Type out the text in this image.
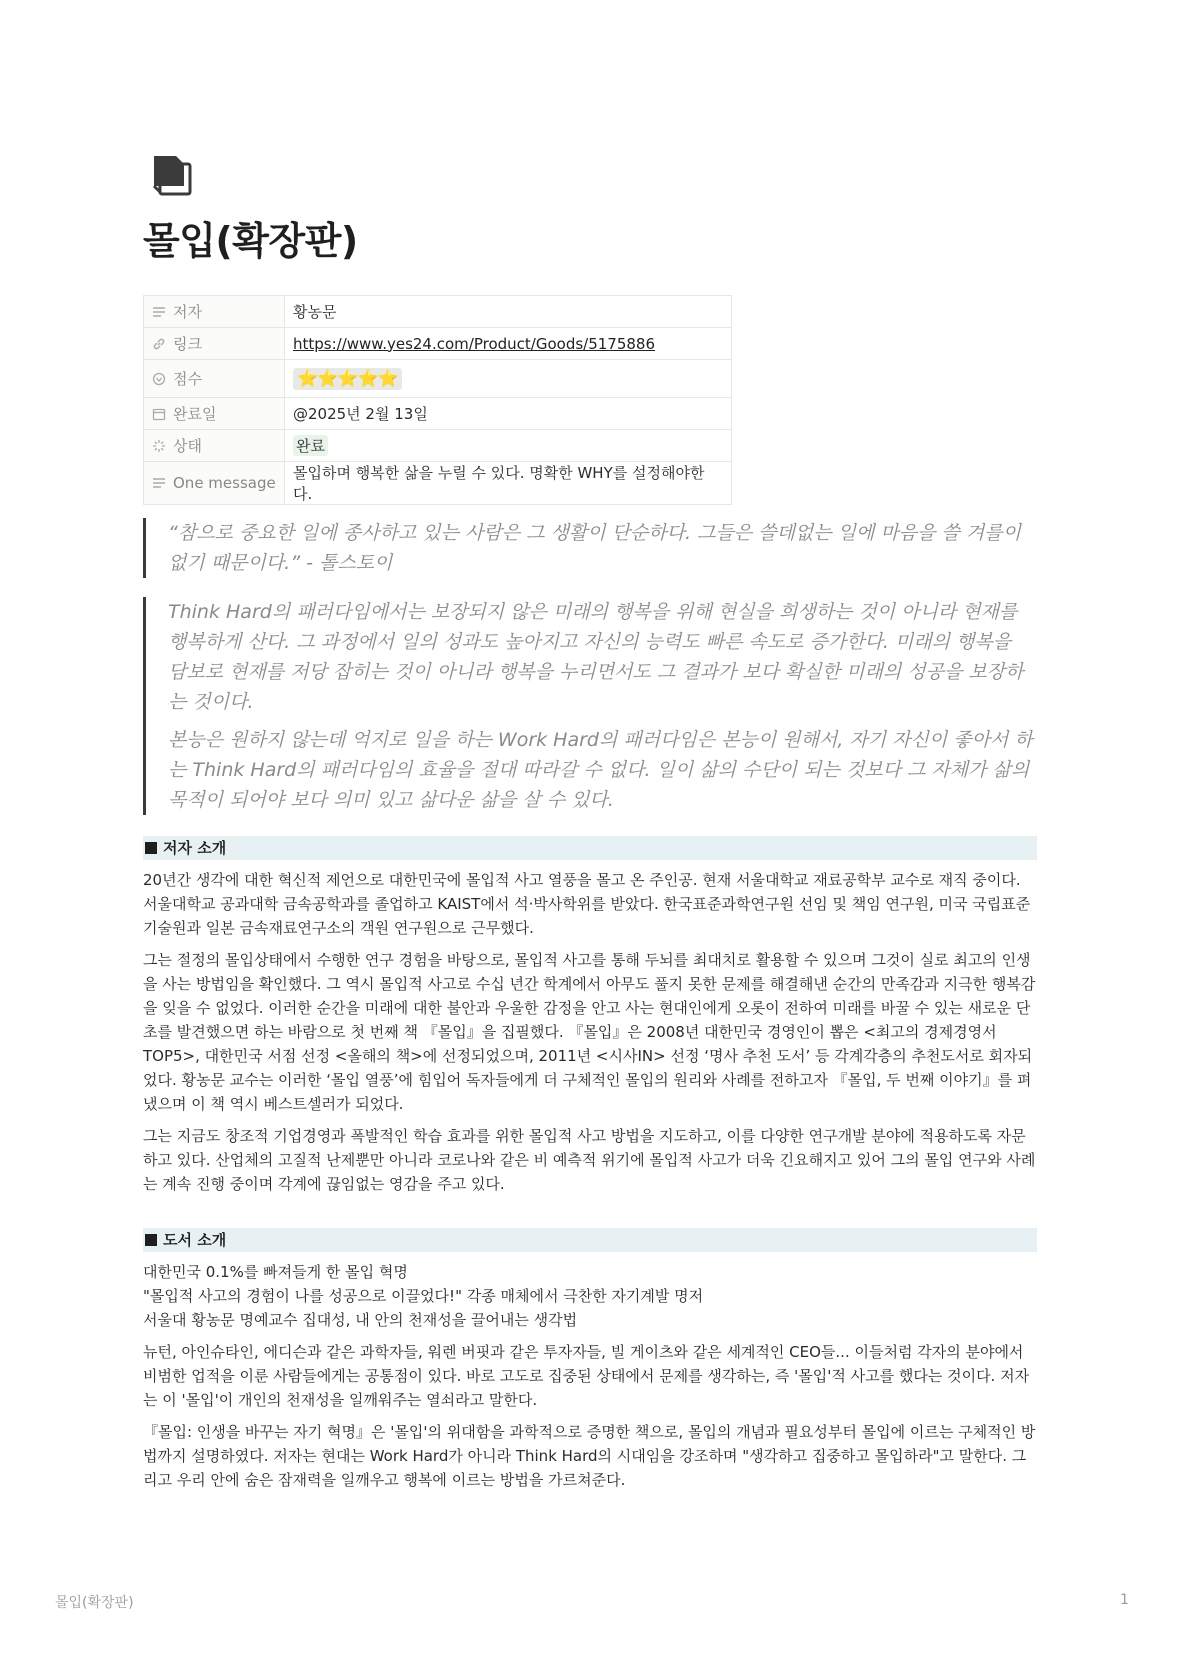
몰입(확장판)
저자	황농문
링크	https://www.yes24.com/Product/Goods/5175886
점수	⭐⭐⭐⭐⭐
완료일	@2025년 2월 13일
상태	완료
One message	몰입하며 행복한 삶을 누릴 수 있다. 명확한 WHY를 설정해야한다.

“참으로 중요한 일에 종사하고 있는 사람은 그 생활이 단순하다. 그들은 쓸데없는 일에 마음을 쓸 겨를이 없기 때문이다.” - 톨스토이

Think Hard의 패러다임에서는 보장되지 않은 미래의 행복을 위해 현실을 희생하는 것이 아니라 현재를 행복하게 산다. 그 과정에서 일의 성과도 높아지고 자신의 능력도 빠른 속도로 증가한다. 미래의 행복을 담보로 현재를 저당 잡히는 것이 아니라 행복을 누리면서도 그 결과가 보다 확실한 미래의 성공을 보장하는 것이다.

본능은 원하지 않는데 억지로 일을 하는 Work Hard의 패러다임은 본능이 원해서, 자기 자신이 좋아서 하는 Think Hard의 패러다임의 효율을 절대 따라갈 수 없다. 일이 삶의 수단이 되는 것보다 그 자체가 삶의 목적이 되어야 보다 의미 있고 삶다운 삶을 살 수 있다.

저자 소개

20년간 생각에 대한 혁신적 제언으로 대한민국에 몰입적 사고 열풍을 몰고 온 주인공. 현재 서울대학교 재료공학부 교수로 재직 중이다. 서울대학교 공과대학 금속공학과를 졸업하고 KAIST에서 석·박사학위를 받았다. 한국표준과학연구원 선임 및 책임 연구원, 미국 국립표준기술원과 일본 금속재료연구소의 객원 연구원으로 근무했다.

그는 절정의 몰입상태에서 수행한 연구 경험을 바탕으로, 몰입적 사고를 통해 두뇌를 최대치로 활용할 수 있으며 그것이 실로 최고의 인생을 사는 방법임을 확인했다. 그 역시 몰입적 사고로 수십 년간 학계에서 아무도 풀지 못한 문제를 해결해낸 순간의 만족감과 지극한 행복감을 잊을 수 없었다. 이러한 순간을 미래에 대한 불안과 우울한 감정을 안고 사는 현대인에게 오롯이 전하여 미래를 바꿀 수 있는 새로운 단초를 발견했으면 하는 바람으로 첫 번째 책 『몰입』을 집필했다. 『몰입』은 2008년 대한민국 경영인이 뽑은 <최고의 경제경영서 TOP5>, 대한민국 서점 선정 <올해의 책>에 선정되었으며, 2011년 <시사IN> 선정 ‘명사 추천 도서’ 등 각계각층의 추천도서로 회자되었다. 황농문 교수는 이러한 ‘몰입 열풍’에 힘입어 독자들에게 더 구체적인 몰입의 원리와 사례를 전하고자 『몰입, 두 번째 이야기』를 펴냈으며 이 책 역시 베스트셀러가 되었다.

그는 지금도 창조적 기업경영과 폭발적인 학습 효과를 위한 몰입적 사고 방법을 지도하고, 이를 다양한 연구개발 분야에 적용하도록 자문하고 있다. 산업체의 고질적 난제뿐만 아니라 코로나와 같은 비 예측적 위기에 몰입적 사고가 더욱 긴요해지고 있어 그의 몰입 연구와 사례는 계속 진행 중이며 각계에 끊임없는 영감을 주고 있다.

도서 소개

대한민국 0.1%를 빠져들게 한 몰입 혁명

"몰입적 사고의 경험이 나를 성공으로 이끌었다!" 각종 매체에서 극찬한 자기계발 명저

서울대 황농문 명예교수 집대성, 내 안의 천재성을 끌어내는 생각법

뉴턴, 아인슈타인, 에디슨과 같은 과학자들, 워렌 버핏과 같은 투자자들, 빌 게이츠와 같은 세계적인 CEO들... 이들처럼 각자의 분야에서 비범한 업적을 이룬 사람들에게는 공통점이 있다. 바로 고도로 집중된 상태에서 문제를 생각하는, 즉 '몰입'적 사고를 했다는 것이다. 저자는 이 '몰입'이 개인의 천재성을 일깨워주는 열쇠라고 말한다.

『몰입: 인생을 바꾸는 자기 혁명』은 '몰입'의 위대함을 과학적으로 증명한 책으로, 몰입의 개념과 필요성부터 몰입에 이르는 구체적인 방법까지 설명하였다. 저자는 현대는 Work Hard가 아니라 Think Hard의 시대임을 강조하며 "생각하고 집중하고 몰입하라"고 말한다. 그리고 우리 안에 숨은 잠재력을 일깨우고 행복에 이르는 방법을 가르쳐준다.

몰입(확장판)	1
